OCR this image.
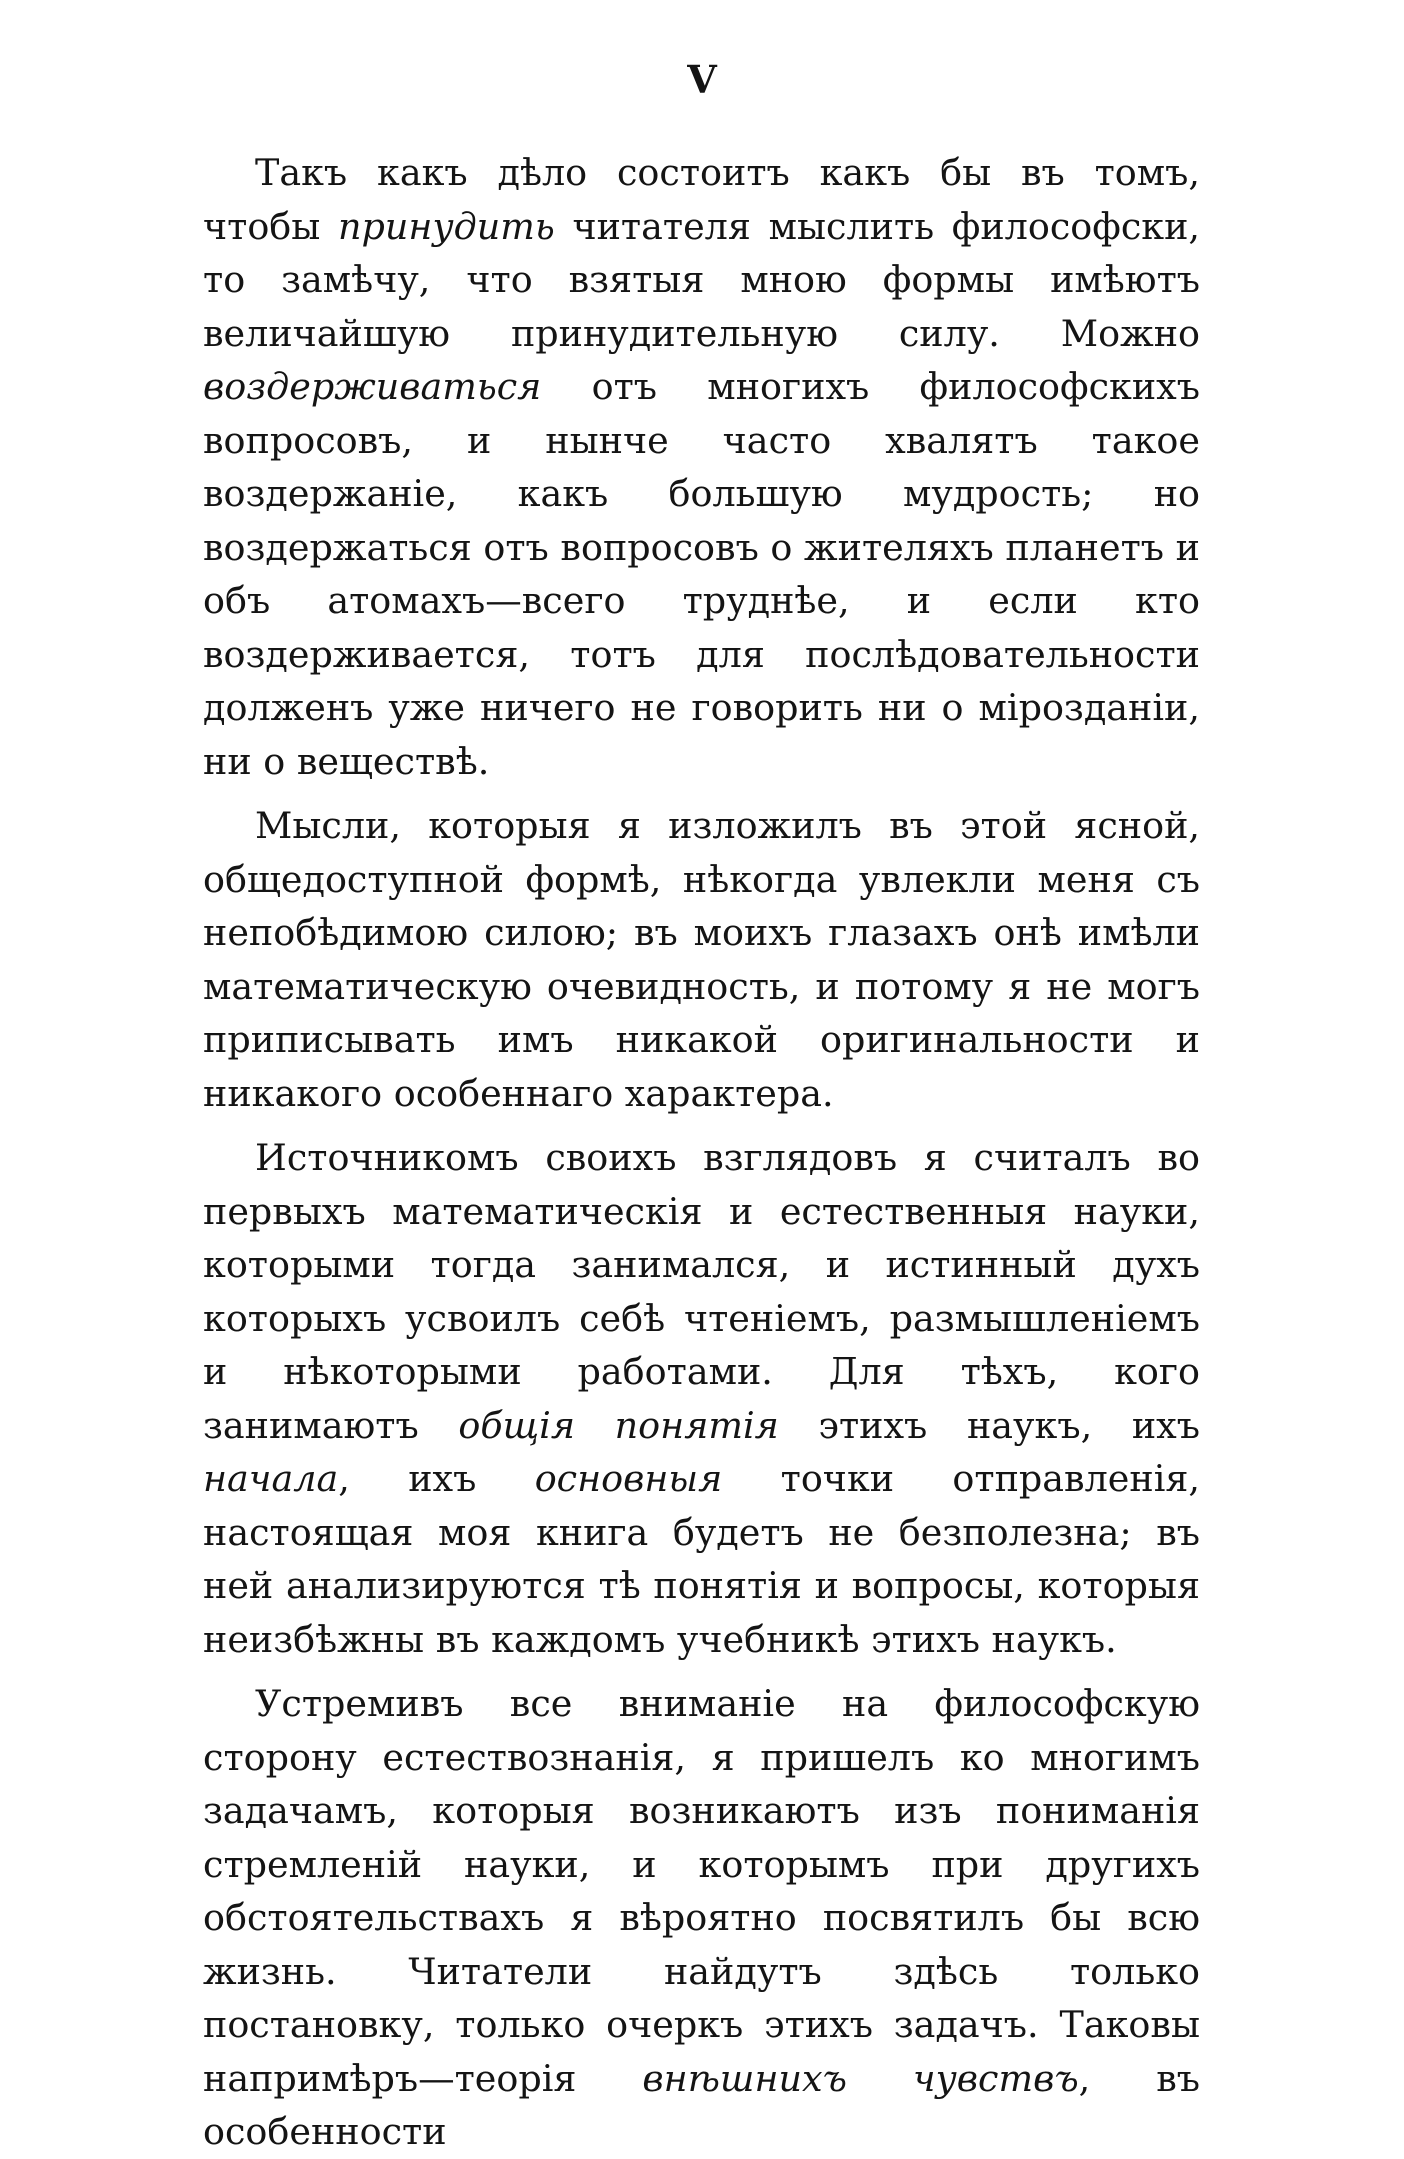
V

Такъ какъ дѣло состоитъ какъ бы въ томъ, чтобы принудить читателя мыслить философски, то замѣчу, что взятыя мною формы имѣютъ величайшую принудительную силу. Можно воздерживаться отъ многихъ философскихъ вопросовъ, и нынче часто хвалятъ такое воздержаніе, какъ большую мудрость; но воздержаться отъ вопросовъ о жителяхъ планетъ и объ атомахъ—всего труднѣе, и если кто воздерживается, тотъ для послѣдовательности долженъ уже ничего не говорить ни о мірозданіи, ни о веществѣ.

Мысли, которыя я изложилъ въ этой ясной, общедоступной формѣ, нѣкогда увлекли меня съ непобѣдимою силою; въ моихъ глазахъ онѣ имѣли математическую очевидность, и потому я не могъ приписывать имъ никакой оригинальности и никакого особеннаго характера.

Источникомъ своихъ взглядовъ я считалъ во первыхъ математическія и естественныя науки, которыми тогда занимался, и истинный духъ которыхъ усвоилъ себѣ чтеніемъ, размышленіемъ и нѣкоторыми работами. Для тѣхъ, кого занимаютъ общія понятія этихъ наукъ, ихъ начала, ихъ основныя точки отправленія, настоящая моя книга будетъ не безполезна; въ ней анализируются тѣ понятія и вопросы, которыя неизбѣжны въ каждомъ учебникѣ этихъ наукъ.

Устремивъ все вниманіе на философскую сторону естествознанія, я пришелъ ко многимъ задачамъ, которыя возникаютъ изъ пониманія стремленій науки, и которымъ при другихъ обстоятельствахъ я вѣроятно посвятилъ бы всю жизнь. Читатели найдутъ здѣсь только постановку, только очеркъ этихъ задачъ. Таковы напримѣръ—теорія внѣшнихъ чувствъ, въ особенности
